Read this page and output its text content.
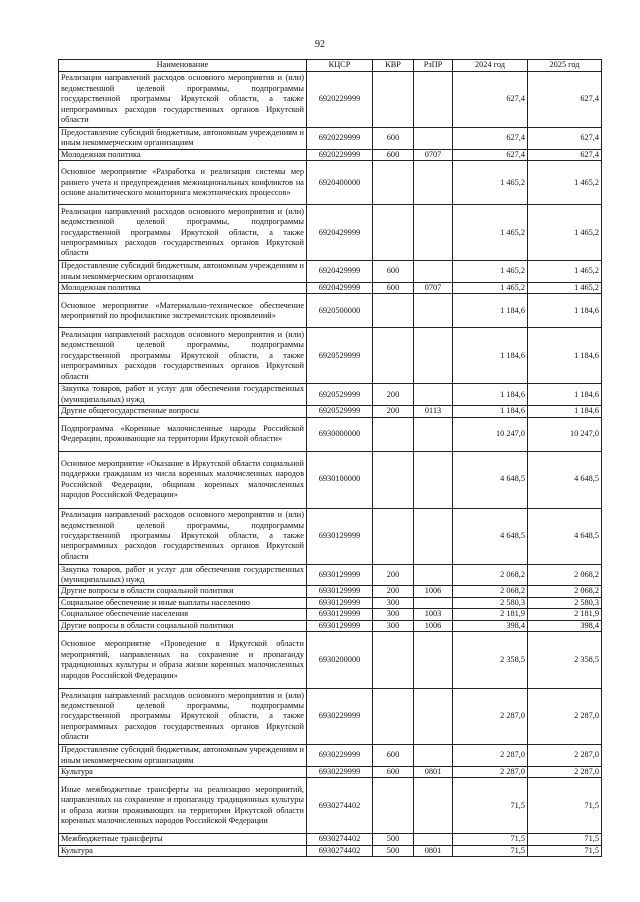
92
Наименование	КЦСР	КВР	РзПР	2024 год	2025 год
Реализация направлений расходов основного мероприятия и (или) ведомственной целевой программы, подпрограммы государственной программы Иркутской области, а также непрограммных расходов государственных органов Иркутской области	6920229999			627,4	627,4
Предоставление субсидий бюджетным, автономным учреждениям и иным некоммерческим организациям	6920229999	600		627,4	627,4
Молодежная политика	6920229999	600	0707	627,4	627,4
Основное мероприятие «Разработка и реализация системы мер раннего учета и предупреждения межнациональных конфликтов на основе аналитического мониторинга межэтнических процессов»	6920400000			1 465,2	1 465,2
Реализация направлений расходов основного мероприятия и (или) ведомственной целевой программы, подпрограммы государственной программы Иркутской области, а также непрограммных расходов государственных органов Иркутской области	6920429999			1 465,2	1 465,2
Предоставление субсидий бюджетным, автономным учреждениям и иным некоммерческим организациям	6920429999	600		1 465,2	1 465,2
Молодежная политика	6920429999	600	0707	1 465,2	1 465,2
Основное мероприятие «Материально-техническое обеспечение мероприятий по профилактике экстремистских проявлений»	6920500000			1 184,6	1 184,6
Реализация направлений расходов основного мероприятия и (или) ведомственной целевой программы, подпрограммы государственной программы Иркутской области, а также непрограммных расходов государственных органов Иркутской области	6920529999			1 184,6	1 184,6
Закупка товаров, работ и услуг для обеспечения государственных (муниципальных) нужд	6920529999	200		1 184,6	1 184,6
Другие общегосударственные вопросы	6920529999	200	0113	1 184,6	1 184,6
Подпрограмма «Коренные малочисленные народы Российской Федерации, проживающие на территории Иркутской области»	6930000000			10 247,0	10 247,0
Основное мероприятие «Оказание в Иркутской области социальной поддержки гражданам из числа коренных малочисленных народов Российской Федерации, общинам коренных малочисленных народов Российской Федерации»	6930100000			4 648,5	4 648,5
Реализация направлений расходов основного мероприятия и (или) ведомственной целевой программы, подпрограммы государственной программы Иркутской области, а также непрограммных расходов государственных органов Иркутской области	6930129999			4 648,5	4 648,5
Закупка товаров, работ и услуг для обеспечения государственных (муниципальных) нужд	6930129999	200		2 068,2	2 068,2
Другие вопросы в области социальной политики	6930129999	200	1006	2 068,2	2 068,2
Социальное обеспечение и иные выплаты населению	6930129999	300		2 580,3	2 580,3
Социальное обеспечение населения	6930129999	300	1003	2 181,9	2 181,9
Другие вопросы в области социальной политики	6930129999	300	1006	398,4	398,4
Основное мероприятие «Проведение в Иркутской области мероприятий, направленных на сохранение и пропаганду традиционных культуры и образа жизни коренных малочисленных народов Российской Федерации»	6930200000			2 358,5	2 358,5
Реализация направлений расходов основного мероприятия и (или) ведомственной целевой программы, подпрограммы государственной программы Иркутской области, а также непрограммных расходов государственных органов Иркутской области	6930229999			2 287,0	2 287,0
Предоставление субсидий бюджетным, автономным учреждениям и иным некоммерческим организациям	6930229999	600		2 287,0	2 287,0
Культура	6930229999	600	0801	2 287,0	2 287,0
Иные межбюджетные трансферты на реализацию мероприятий, направленных на сохранение и пропаганду традиционных культуры и образа жизни проживающих на территории Иркутской области коренных малочисленных народов Российской Федерации	6930274402			71,5	71,5
Межбюджетные трансферты	6930274402	500		71,5	71,5
Культура	6930274402	500	0801	71,5	71,5
